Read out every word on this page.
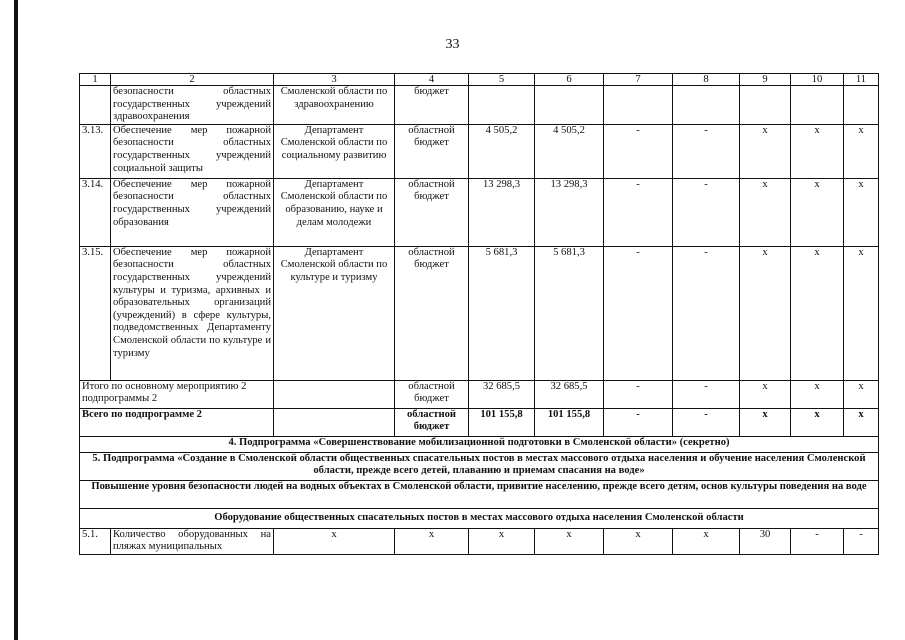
33
1	2	3	4	5	6	7	8	9	10	11
	безопасности областных государственных учреждений здравоохранения	Смоленской области по здравоохранению	бюджет							
3.13.	Обеспечение мер пожарной безопасности областных государственных учреждений социальной защиты	Департамент Смоленской области по социальному развитию	областной бюджет	4 505,2	4 505,2	-	-	х	х	х
3.14.	Обеспечение мер пожарной безопасности областных государственных учреждений образования	Департамент Смоленской области по образованию, науке и делам молодежи	областной бюджет	13 298,3	13 298,3	-	-	х	х	х
3.15.	Обеспечение мер пожарной безопасности областных государственных учреждений культуры и туризма, архивных и образовательных организаций (учреждений) в сфере культуры, подведомственных Департаменту Смоленской области по культуре и туризму	Департамент Смоленской области по культуре и туризму	областной бюджет	5 681,3	5 681,3	-	-	х	х	х
Итого по основному мероприятию 2 подпрограммы 2			областной бюджет	32 685,5	32 685,5	-	-	х	х	х
Всего по подпрограмме 2			областной бюджет	101 155,8	101 155,8	-	-	х	х	х
4. Подпрограмма «Совершенствование мобилизационной подготовки в Смоленской области» (секретно)										
5. Подпрограмма «Создание в Смоленской области общественных спасательных постов в местах массового отдыха населения и обучение населения Смоленской области, прежде всего детей, плаванию и приемам спасания на воде»										
Повышение уровня безопасности людей на водных объектах в Смоленской области, привитие населению, прежде всего детям, основ культуры поведения на воде										
Оборудование общественных спасательных постов в местах массового отдыха населения Смоленской области										
5.1.	Количество оборудованных на пляжах муниципальных	х	х	х	х	х	х	30	-	-
